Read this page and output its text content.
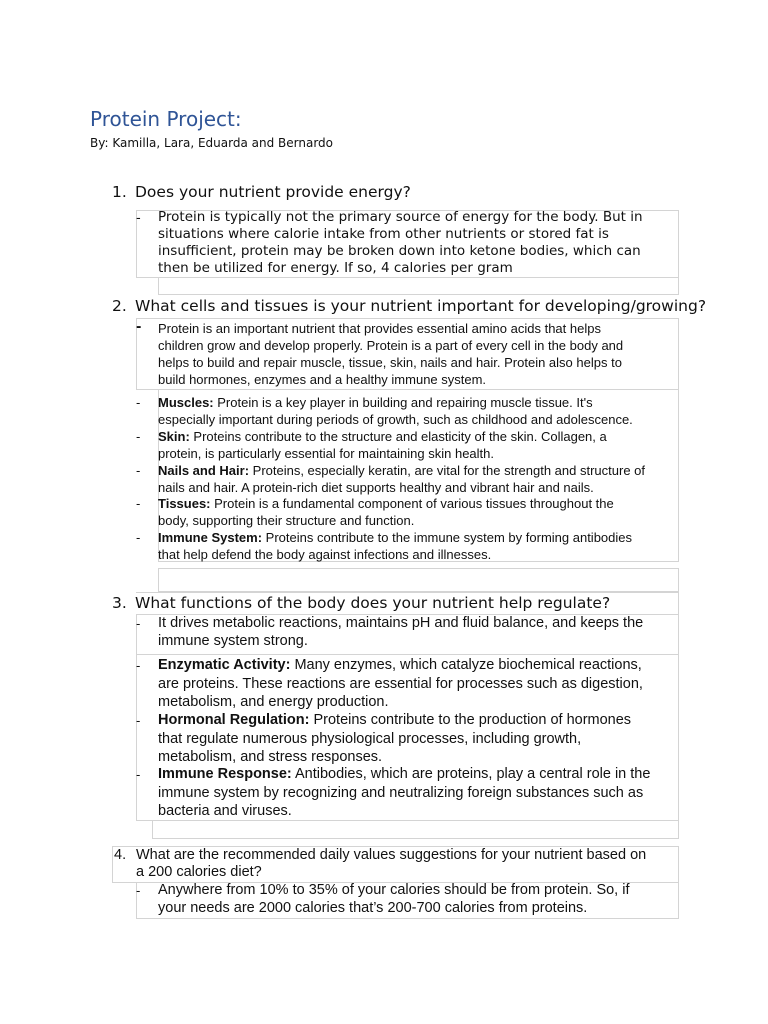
Protein Project:
By: Kamilla, Lara, Eduarda and Bernardo
1. Does your nutrient provide energy?
- Protein is typically not the primary source of energy for the body. But in
situations where calorie intake from other nutrients or stored fat is
insufficient, protein may be broken down into ketone bodies, which can
then be utilized for energy. If so, 4 calories per gram
2. What cells and tissues is your nutrient important for developing/growing?
- Protein is an important nutrient that provides essential amino acids that helps
children grow and develop properly. Protein is a part of every cell in the body and
helps to build and repair muscle, tissue, skin, nails and hair. Protein also helps to
build hormones, enzymes and a healthy immune system.
- Muscles: Protein is a key player in building and repairing muscle tissue. It's
especially important during periods of growth, such as childhood and adolescence.
- Skin: Proteins contribute to the structure and elasticity of the skin. Collagen, a
protein, is particularly essential for maintaining skin health.
- Nails and Hair: Proteins, especially keratin, are vital for the strength and structure of
nails and hair. A protein-rich diet supports healthy and vibrant hair and nails.
- Tissues: Protein is a fundamental component of various tissues throughout the
body, supporting their structure and function.
- Immune System: Proteins contribute to the immune system by forming antibodies
that help defend the body against infections and illnesses.
3. What functions of the body does your nutrient help regulate?
- It drives metabolic reactions, maintains pH and fluid balance, and keeps the
immune system strong.
- Enzymatic Activity: Many enzymes, which catalyze biochemical reactions,
are proteins. These reactions are essential for processes such as digestion,
metabolism, and energy production.
- Hormonal Regulation: Proteins contribute to the production of hormones
that regulate numerous physiological processes, including growth,
metabolism, and stress responses.
- Immune Response: Antibodies, which are proteins, play a central role in the
immune system by recognizing and neutralizing foreign substances such as
bacteria and viruses.
4. What are the recommended daily values suggestions for your nutrient based on
a 200 calories diet?
- Anywhere from 10% to 35% of your calories should be from protein. So, if
your needs are 2000 calories that’s 200-700 calories from proteins.
